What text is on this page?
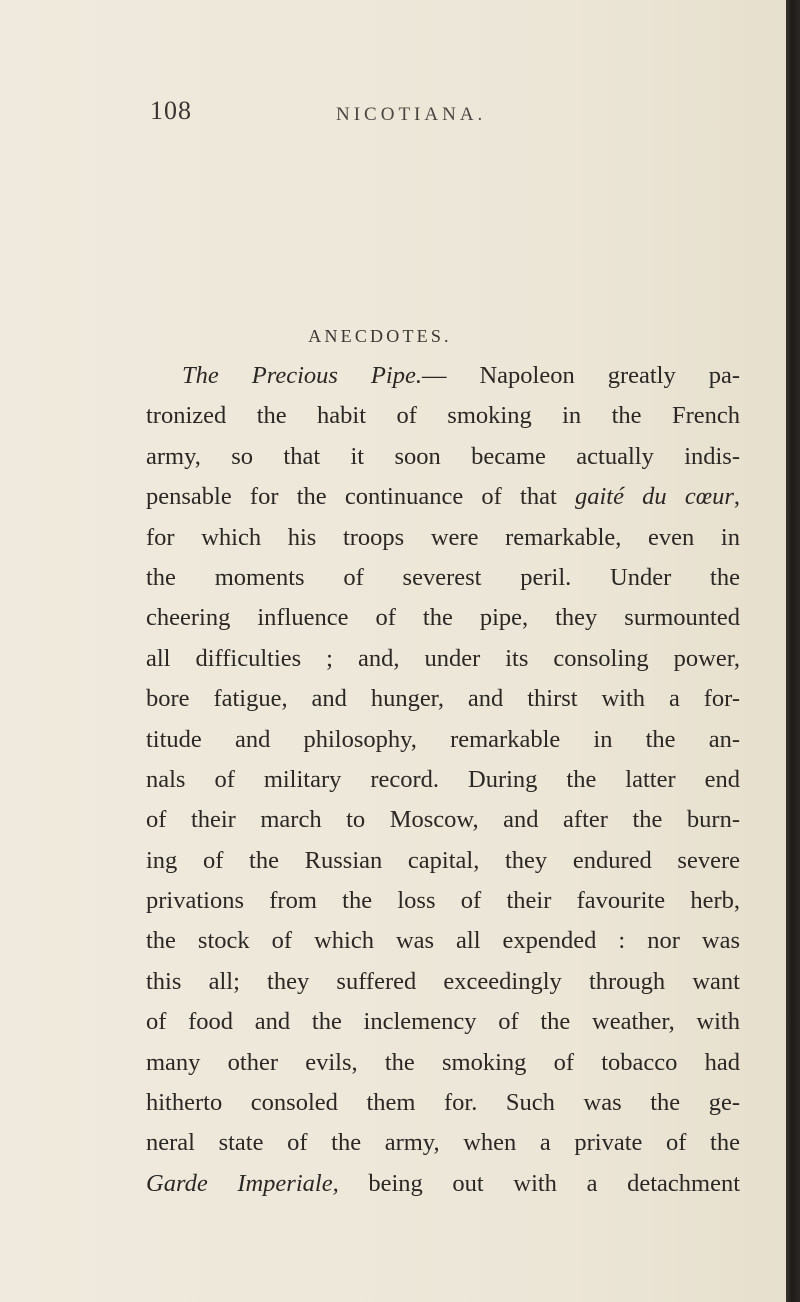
108	NICOTIANA.
ANECDOTES.
The Precious Pipe.— Napoleon greatly pa-
tronized the habit of smoking in the French
army, so that it soon became actually indis-
pensable for the continuance of that gaité du cœur,
for which his troops were remarkable, even in
the moments of severest peril. Under the
cheering influence of the pipe, they surmounted
all difficulties ; and, under its consoling power,
bore fatigue, and hunger, and thirst with a for-
titude and philosophy, remarkable in the an-
nals of military record. During the latter end
of their march to Moscow, and after the burn-
ing of the Russian capital, they endured severe
privations from the loss of their favourite herb,
the stock of which was all expended : nor was
this all; they suffered exceedingly through want
of food and the inclemency of the weather, with
many other evils, the smoking of tobacco had
hitherto consoled them for. Such was the ge-
neral state of the army, when a private of the
Garde Imperiale, being out with a detachment
